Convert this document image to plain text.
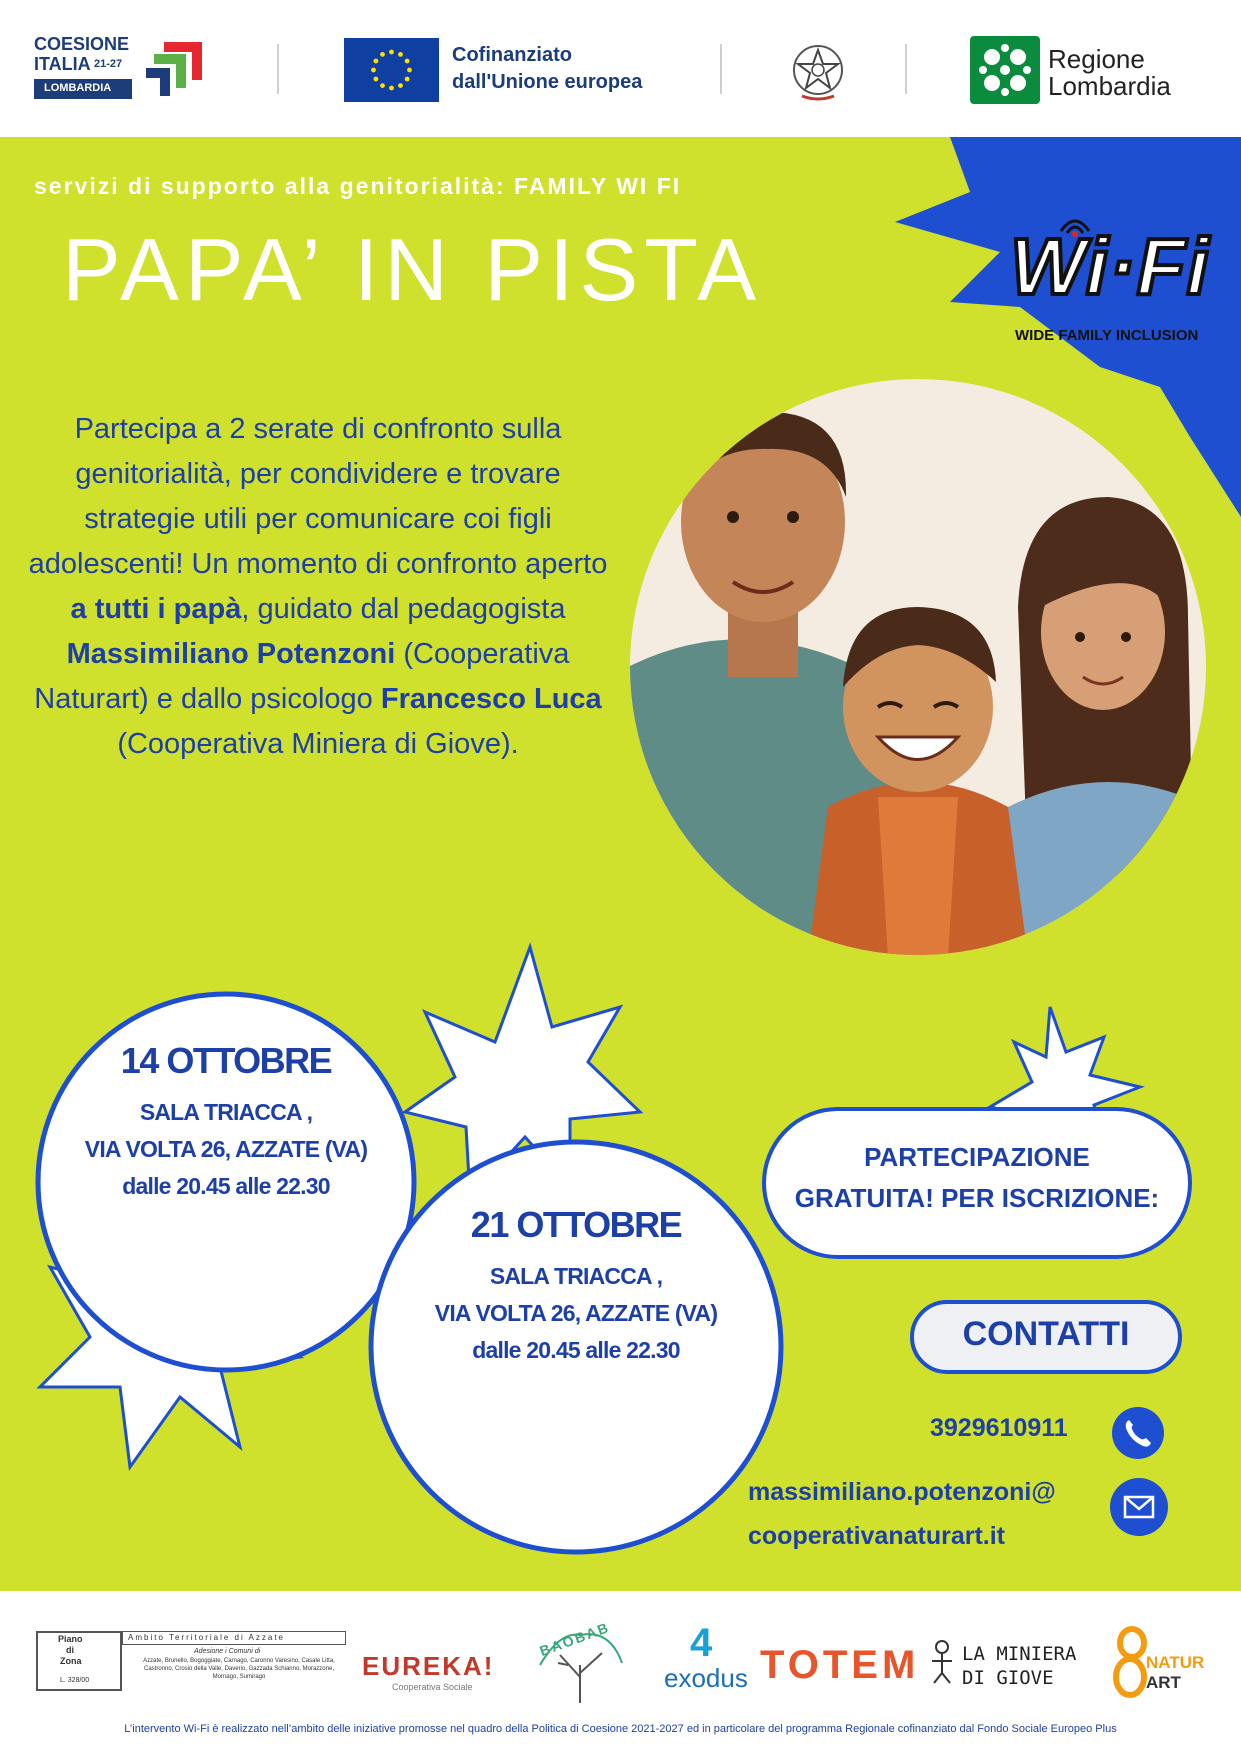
COESIONE
ITALIA 21-27
LOMBARDIA
Cofinanziato
dall'Unione europea
Regione
Lombardia
Wi·Fi
WIDE FAMILY INCLUSION
servizi di supporto alla genitorialità: FAMILY WI FI
PAPA’ IN PISTA
Partecipa a 2 serate di confronto sulla genitorialità, per condividere e trovare strategie utili per comunicare coi figli adolescenti! Un momento di confronto aperto a tutti i papà, guidato dal pedagogista Massimiliano Potenzoni (Cooperativa Naturart) e dallo psicologo Francesco Luca (Cooperativa Miniera di Giove).
14 OTTOBRE
SALA TRIACCA ,
VIA VOLTA 26, AZZATE (VA)
dalle 20.45 alle 22.30
21 OTTOBRE
SALA TRIACCA ,
VIA VOLTA 26, AZZATE (VA)
dalle 20.45 alle 22.30
PARTECIPAZIONE
GRATUITA! PER ISCRIZIONE:
CONTATTI
3929610911
massimiliano.potenzoni@
cooperativanaturart.it
Piano
di
Zona
L. 328/00
Ambito Territoriale di Azzate
Adesione i Comuni di
Azzate, Brunello, Bogoggiate, Carnago, Caronno Varesino, Casale Litta, Castronno, Crosio della Valle, Daverio, Gazzada Schianno, Morazzone, Mornago, Sumirago	EUREKA!
Cooperativa Sociale
BAOBAB 4
exodus TOTEM LA MINIERA
DI GIOVE
NATUR
ART
L’intervento Wi-Fi è realizzato nell’ambito delle iniziative promosse nel quadro della Politica di Coesione 2021-2027 ed in particolare del programma Regionale cofinanziato dal Fondo Sociale Europeo Plus
